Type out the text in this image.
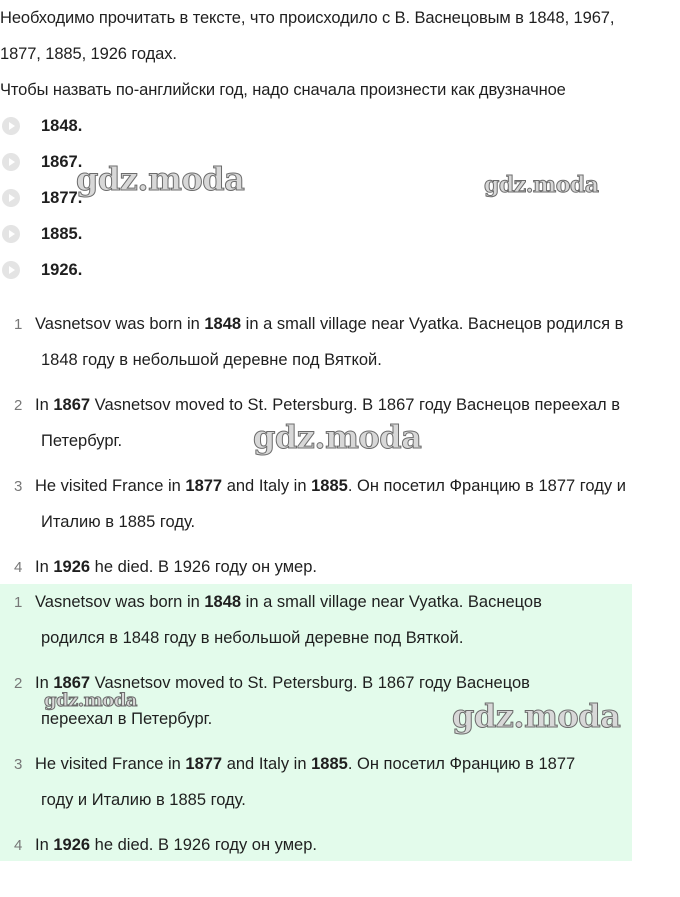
Необходимо прочитать в тексте, что происходило с В. Васнецовым в 1848, 1967,
1877, 1885, 1926 годах.
Чтобы назвать по-английски год, надо сначала произнести как двузначное
1848.
1867.
1877.
1885.
1926.
1 Vasnetsov was born in 1848 in a small village near Vyatka. Васнецов родился в
1848 году в небольшой деревне под Вяткой.
2 In 1867 Vasnetsov moved to St. Petersburg. В 1867 году Васнецов переехал в
Петербург.
3 He visited France in 1877 and Italy in 1885. Он посетил Францию в 1877 году и
Италию в 1885 году.
4 In 1926 he died. В 1926 году он умер.
1 Vasnetsov was born in 1848 in a small village near Vyatka. Васнецов
родился в 1848 году в небольшой деревне под Вяткой.
2 In 1867 Vasnetsov moved to St. Petersburg. В 1867 году Васнецов
переехал в Петербург.
3 He visited France in 1877 and Italy in 1885. Он посетил Францию в 1877
году и Италию в 1885 году.
4 In 1926 he died. В 1926 году он умер.
gdz.moda	gdz.moda
gdz.moda
gdz.moda	gdz.moda
